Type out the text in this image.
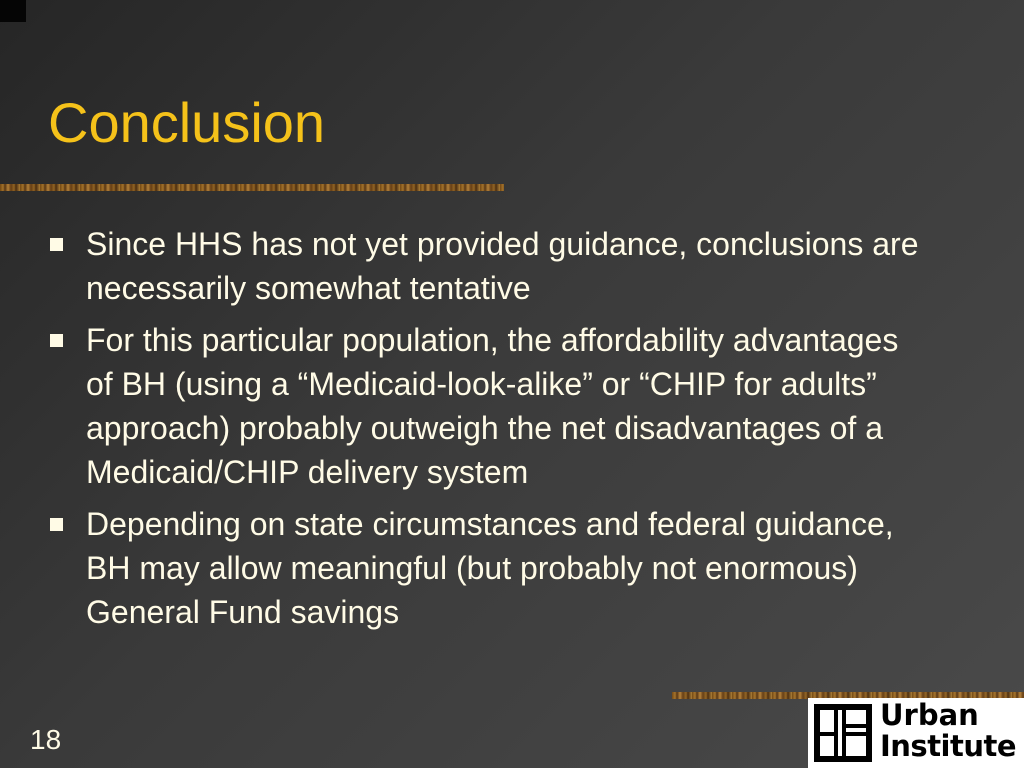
Conclusion
Since HHS has not yet provided guidance, conclusions are necessarily somewhat tentative
For this particular population, the affordability advantages of BH (using a “Medicaid-look-alike” or “CHIP for adults” approach) probably outweigh the net disadvantages of a Medicaid/CHIP delivery system
Depending on state circumstances and federal guidance, BH may allow meaningful (but probably not enormous) General Fund savings
18
Urban
Institute
